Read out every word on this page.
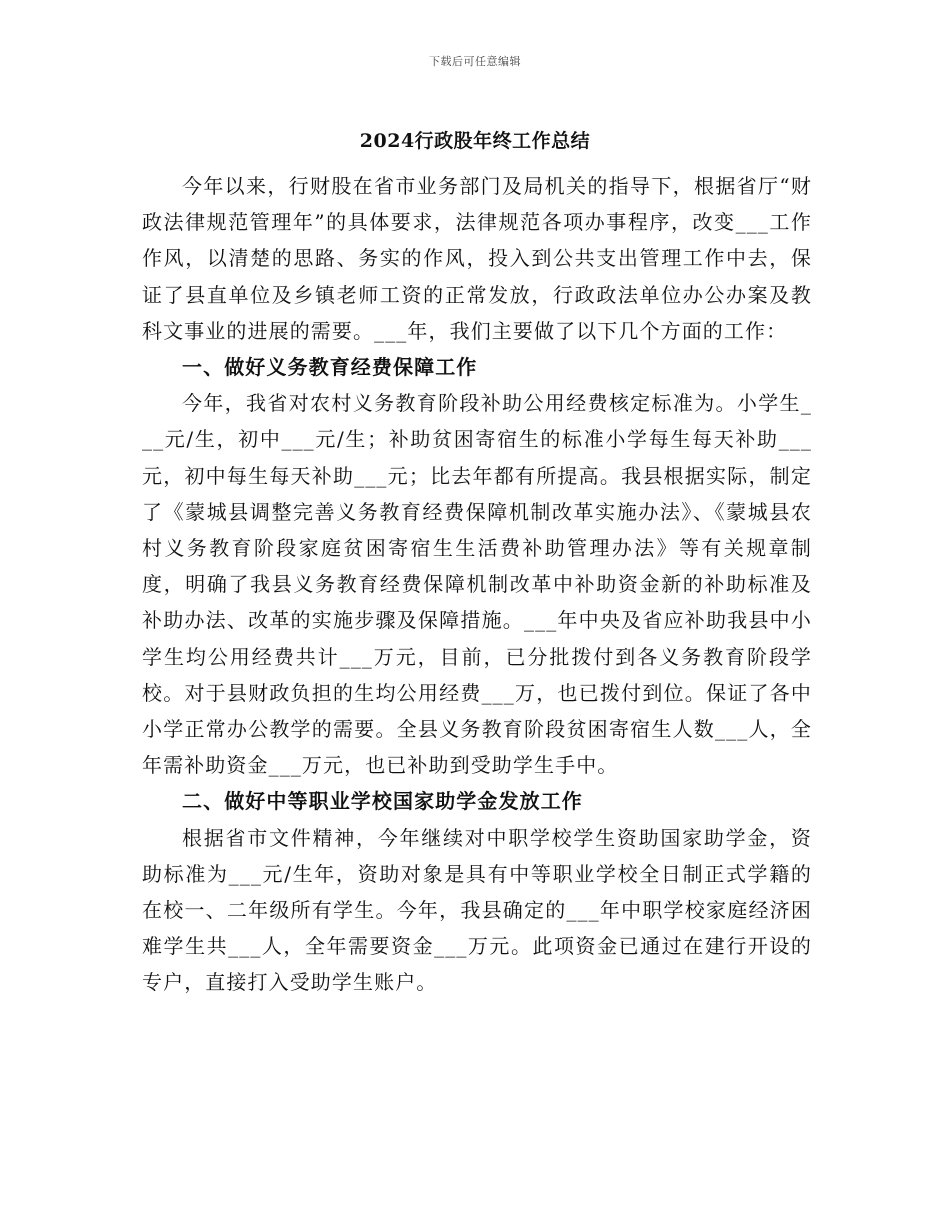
下载后可任意编辑
2024行政股年终工作总结

今年以来，行财股在省市业务部门及局机关的指导下，根据省厅“财政法律规范管理年”的具体要求，法律规范各项办事程序，改变___工作作风，以清楚的思路、务实的作风，投入到公共支出管理工作中去，保证了县直单位及乡镇老师工资的正常发放，行政政法单位办公办案及教科文事业的进展的需要。___年，我们主要做了以下几个方面的工作：

一、做好义务教育经费保障工作

今年，我省对农村义务教育阶段补助公用经费核定标准为。小学生___元/生，初中___元/生；补助贫困寄宿生的标准小学每生每天补助___元，初中每生每天补助___元；比去年都有所提高。我县根据实际，制定了《蒙城县调整完善义务教育经费保障机制改革实施办法》、《蒙城县农村义务教育阶段家庭贫困寄宿生生活费补助管理办法》等有关规章制度，明确了我县义务教育经费保障机制改革中补助资金新的补助标准及补助办法、改革的实施步骤及保障措施。___年中央及省应补助我县中小学生均公用经费共计___万元，目前，已分批拨付到各义务教育阶段学校。对于县财政负担的生均公用经费___万，也已拨付到位。保证了各中小学正常办公教学的需要。全县义务教育阶段贫困寄宿生人数___人，全年需补助资金___万元，也已补助到受助学生手中。

二、做好中等职业学校国家助学金发放工作

根据省市文件精神，今年继续对中职学校学生资助国家助学金，资助标准为___元/生年，资助对象是具有中等职业学校全日制正式学籍的在校一、二年级所有学生。今年，我县确定的___年中职学校家庭经济困难学生共___人，全年需要资金___万元。此项资金已通过在建行开设的专户，直接打入受助学生账户。
